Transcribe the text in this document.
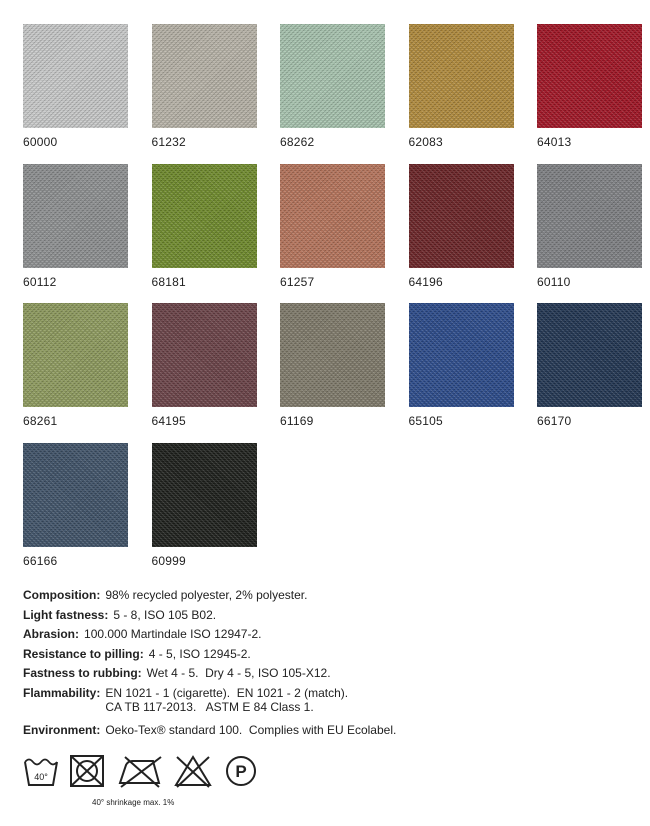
60000	61232	68262	62083	64013
60112	68181	61257	64196	60110
68261	64195	61169	65105	66170
66166	60999
Composition: 98% recycled polyester, 2% polyester.
Light fastness: 5 - 8, ISO 105 B02.
Abrasion: 100.000 Martindale ISO 12947-2.
Resistance to pilling: 4 - 5, ISO 12945-2.
Fastness to rubbing: Wet 4 - 5.  Dry 4 - 5, ISO 105-X12.
Flammability: EN 1021 - 1 (cigarette).  EN 1021 - 2 (match).
CA TB 117-2013.   ASTM E 84 Class 1.
Environment: Oeko-Tex® standard 100.  Complies with EU Ecolabel.
40°	P
40° shrinkage max. 1%
